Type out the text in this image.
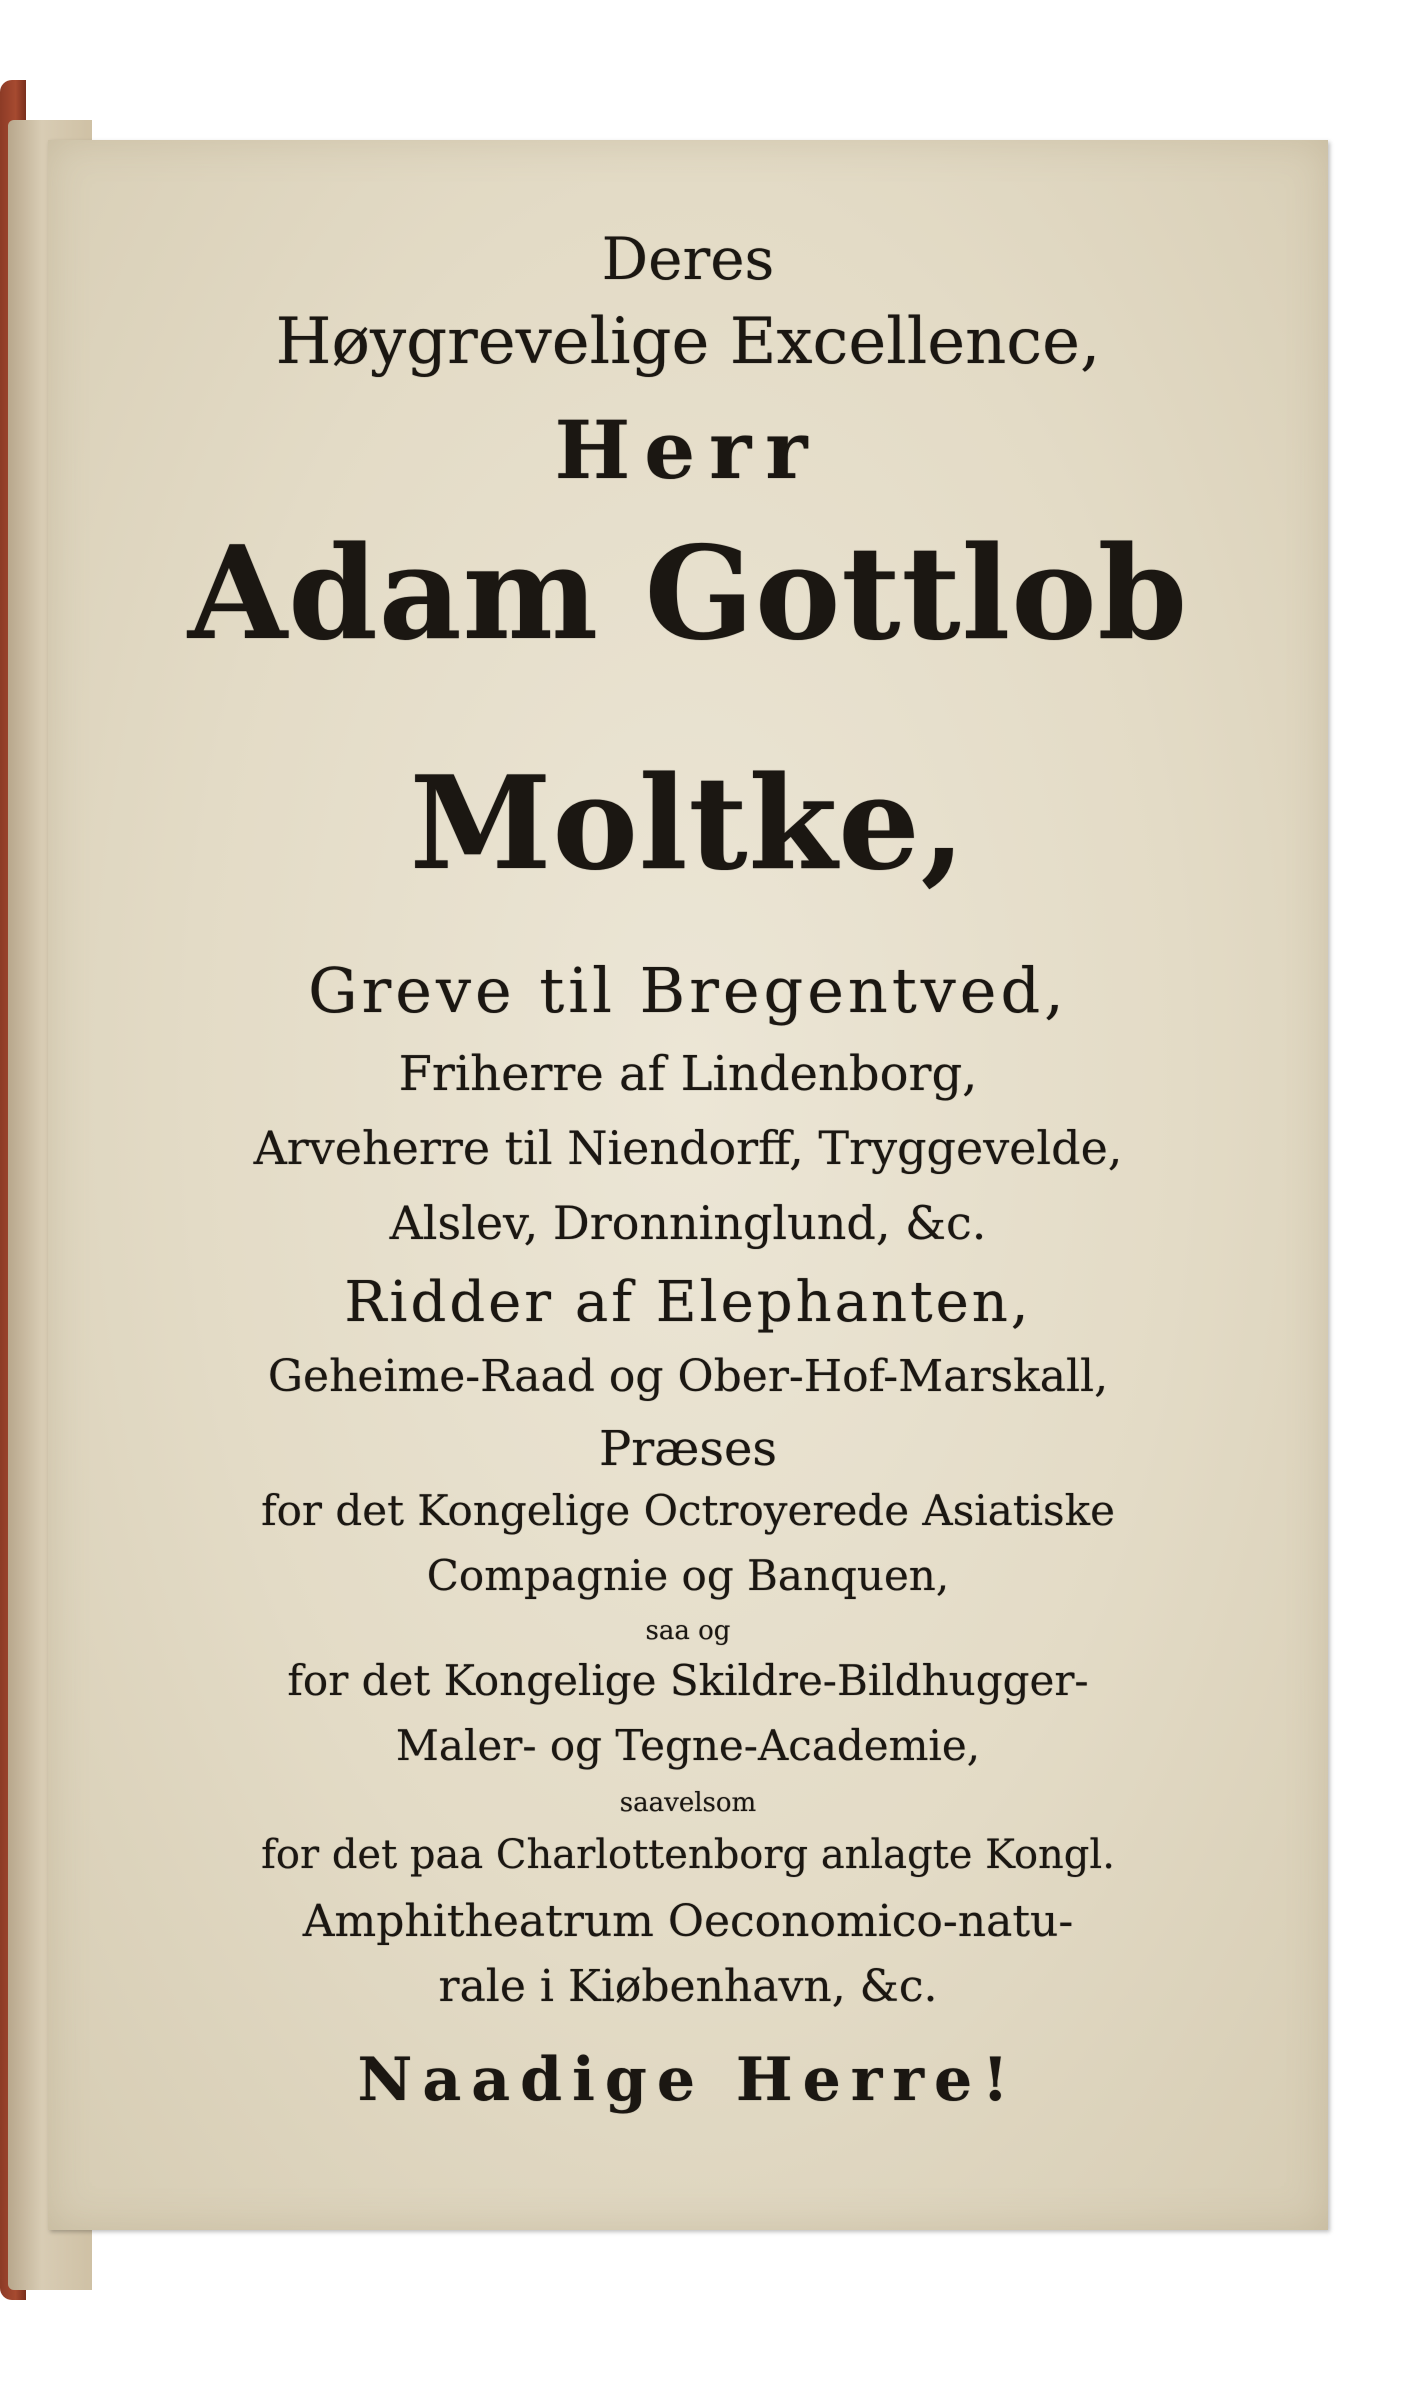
Deres

Høygrevelige Excellence,

Herr

Adam Gottlob

Moltke,

Greve til Bregentved,

Friherre af Lindenborg,

Arveherre til Niendorff, Tryggevelde,

Alslev, Dronninglund, &c.

Ridder af Elephanten,

Geheime-Raad og Ober-Hof-Marskall,

Præses

for det Kongelige Octroyerede Asiatiske

Compagnie og Banquen,

saa og

for det Kongelige Skildre-Bildhugger-

Maler- og Tegne-Academie,

saavelsom

for det paa Charlottenborg anlagte Kongl.

Amphitheatrum Oeconomico-natu-

rale i Kiøbenhavn, &c.

Naadige Herre!
